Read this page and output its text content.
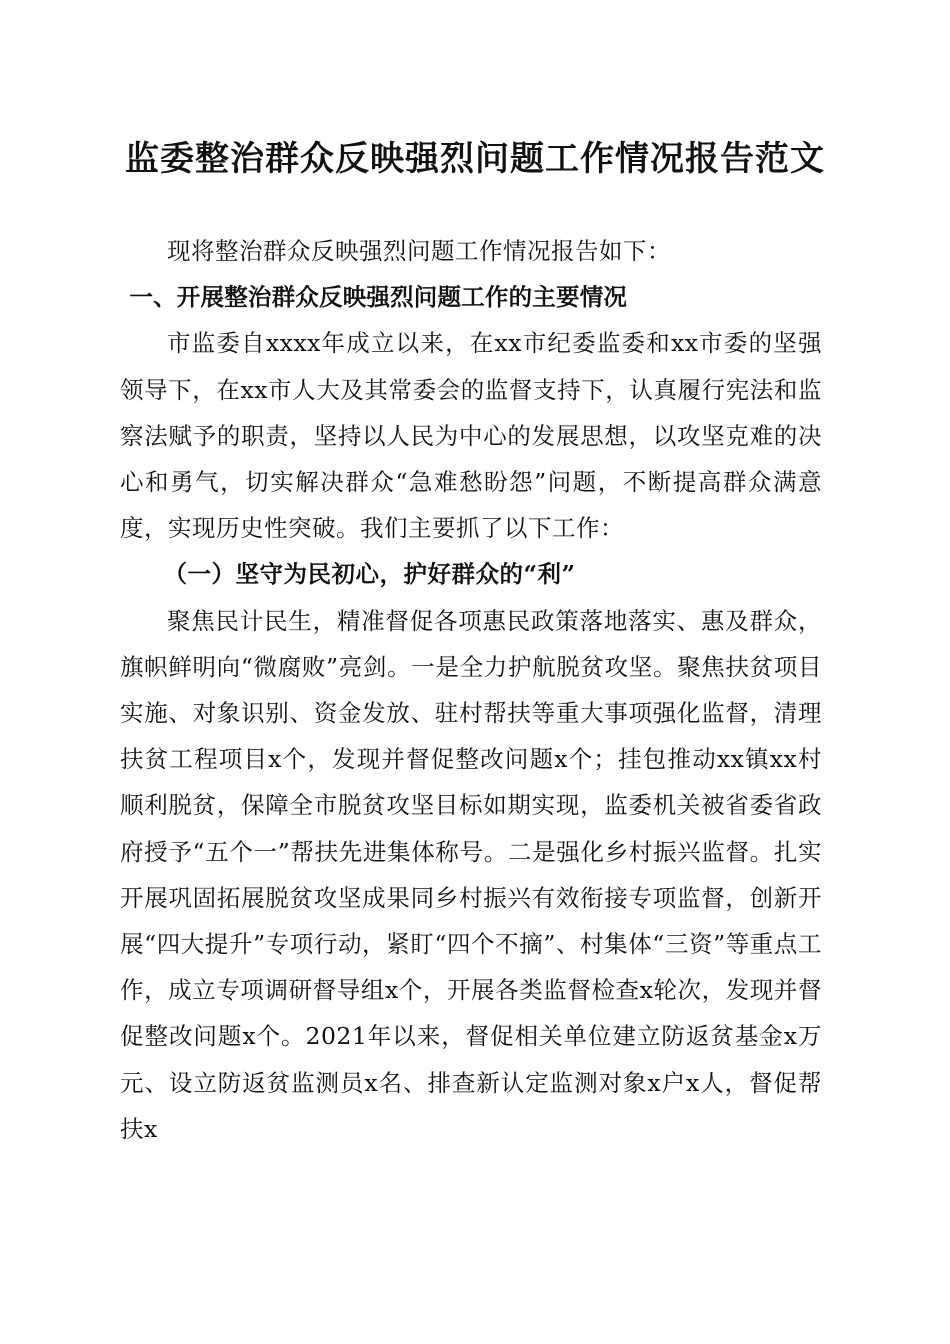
监委整治群众反映强烈问题工作情况报告范文

现将整治群众反映强烈问题工作情况报告如下：

一、开展整治群众反映强烈问题工作的主要情况

市监委自xxxx年成立以来，在xx市纪委监委和xx市委的坚强领导下，在xx市人大及其常委会的监督支持下，认真履行宪法和监察法赋予的职责，坚持以人民为中心的发展思想，以攻坚克难的决心和勇气，切实解决群众“急难愁盼怨”问题，不断提高群众满意度，实现历史性突破。我们主要抓了以下工作：

（一）坚守为民初心，护好群众的“利”

聚焦民计民生，精准督促各项惠民政策落地落实、惠及群众，旗帜鲜明向“微腐败”亮剑。一是全力护航脱贫攻坚。聚焦扶贫项目实施、对象识别、资金发放、驻村帮扶等重大事项强化监督，清理扶贫工程项目x个，发现并督促整改问题x个；挂包推动xx镇xx村顺利脱贫，保障全市脱贫攻坚目标如期实现，监委机关被省委省政府授予“五个一”帮扶先进集体称号。二是强化乡村振兴监督。扎实开展巩固拓展脱贫攻坚成果同乡村振兴有效衔接专项监督，创新开展“四大提升”专项行动，紧盯“四个不摘”、村集体“三资”等重点工作，成立专项调研督导组x个，开展各类监督检查x轮次，发现并督促整改问题x个。2021年以来，督促相关单位建立防返贫基金x万元、设立防返贫监测员x名、排查新认定监测对象x户x人，督促帮扶x
